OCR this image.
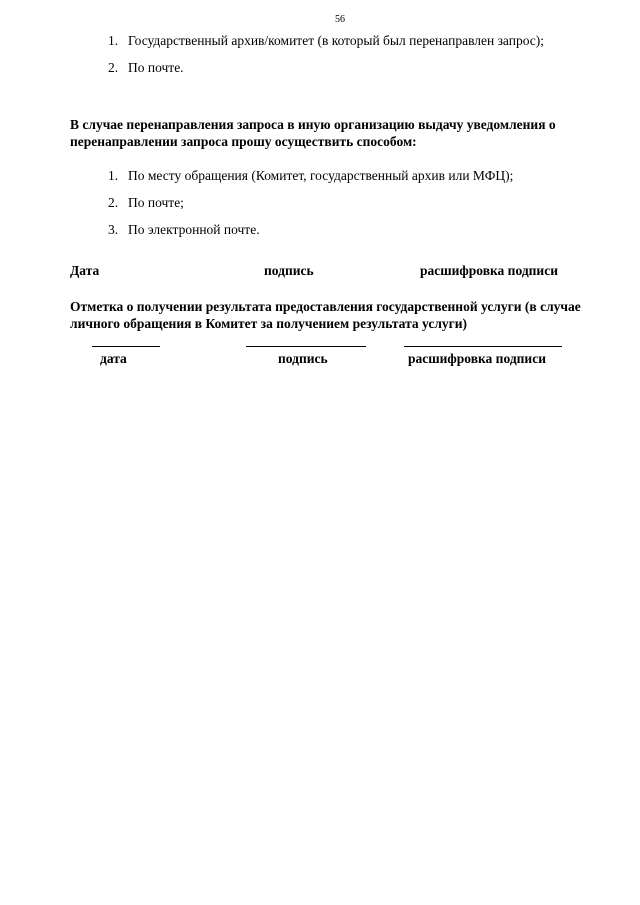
56
1. Государственный архив/комитет (в который был перенаправлен запрос);
2. По почте.

В случае перенаправления запроса в иную организацию выдачу уведомления о перенаправлении запроса прошу осуществить способом:

1. По месту обращения (Комитет, государственный архив или МФЦ);
2. По почте;
3. По электронной почте.
Дата	подпись	расшифровка подписи

Отметка о получении результата предоставления государственной услуги (в случае личного обращения в Комитет за получением результата услуги)

дата	подпись	расшифровка подписи
